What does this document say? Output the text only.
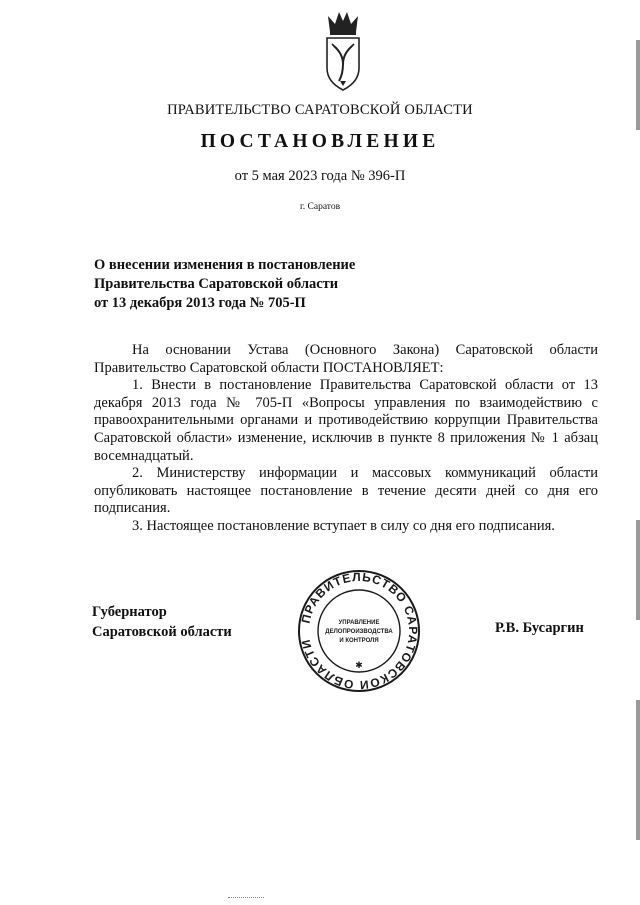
ПРАВИТЕЛЬСТВО САРАТОВСКОЙ ОБЛАСТИ
ПОСТАНОВЛЕНИЕ
от 5 мая 2023 года № 396-П
г. Саратов
О внесении изменения в постановление
Правительства Саратовской области
от 13 декабря 2013 года № 705-П

На основании Устава (Основного Закона) Саратовской области Правительство Саратовской области ПОСТАНОВЛЯЕТ:

1. Внести в постановление Правительства Саратовской области от 13 декабря 2013 года № 705-П «Вопросы управления по взаимодействию с правоохранительными органами и противодействию коррупции Правительства Саратовской области» изменение, исключив в пункте 8 приложения № 1 абзац восемнадцатый.

2. Министерству информации и массовых коммуникаций области опубликовать настоящее постановление в течение десяти дней со дня его подписания.

3. Настоящее постановление вступает в силу со дня его подписания.

Губернатор
Саратовской области
ПРАВИТЕЛЬСТВО САРАТОВСКОЙ ОБЛАСТИ
УПРАВЛЕНИЕ
ДЕЛОПРОИЗВОДСТВА
И КОНТРОЛЯ
✱
Р.В. Бусаргин
